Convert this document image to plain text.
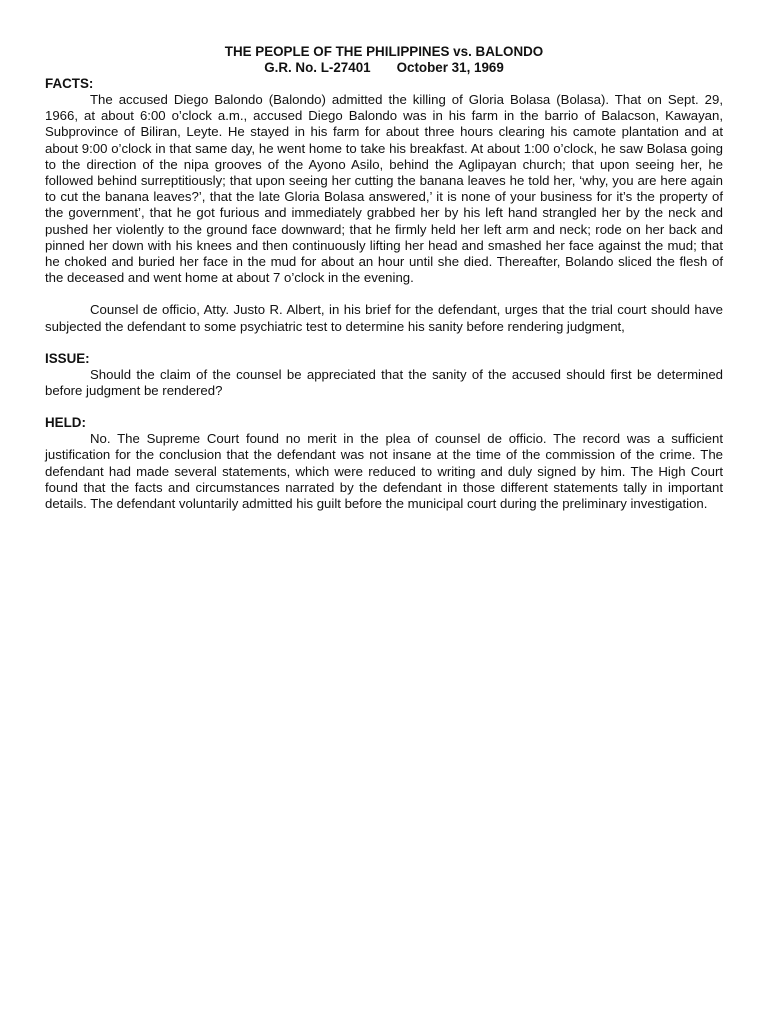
THE PEOPLE OF THE PHILIPPINES vs. BALONDO
G.R. No. L-27401 October 31, 1969
FACTS:

The accused Diego Balondo (Balondo) admitted the killing of Gloria Bolasa (Bolasa). That on Sept. 29, 1966, at about 6:00 o’clock a.m., accused Diego Balondo was in his farm in the barrio of Balacson, Kawayan, Subprovince of Biliran, Leyte. He stayed in his farm for about three hours clearing his camote plantation and at about 9:00 o’clock in that same day, he went home to take his breakfast. At about 1:00 o’clock, he saw Bolasa going to the direction of the nipa grooves of the Ayono Asilo, behind the Aglipayan church; that upon seeing her, he followed behind surreptitiously; that upon seeing her cutting the banana leaves he told her, ‘why, you are here again to cut the banana leaves?’, that the late Gloria Bolasa answered,’ it is none of your business for it’s the property of the government’, that he got furious and immediately grabbed her by his left hand strangled her by the neck and pushed her violently to the ground face downward; that he firmly held her left arm and neck; rode on her back and pinned her down with his knees and then continuously lifting her head and smashed her face against the mud; that he choked and buried her face in the mud for about an hour until she died. Thereafter, Bolando sliced the flesh of the deceased and went home at about 7 o’clock in the evening.

Counsel de officio, Atty. Justo R. Albert, in his brief for the defendant, urges that the trial court should have subjected the defendant to some psychiatric test to determine his sanity before rendering judgment,

ISSUE:

Should the claim of the counsel be appreciated that the sanity of the accused should first be determined before judgment be rendered?

HELD:

No. The Supreme Court found no merit in the plea of counsel de officio. The record was a sufficient justification for the conclusion that the defendant was not insane at the time of the commission of the crime. The defendant had made several statements, which were reduced to writing and duly signed by him. The High Court found that the facts and circumstances narrated by the defendant in those different statements tally in important details. The defendant voluntarily admitted his guilt before the municipal court during the preliminary investigation.
